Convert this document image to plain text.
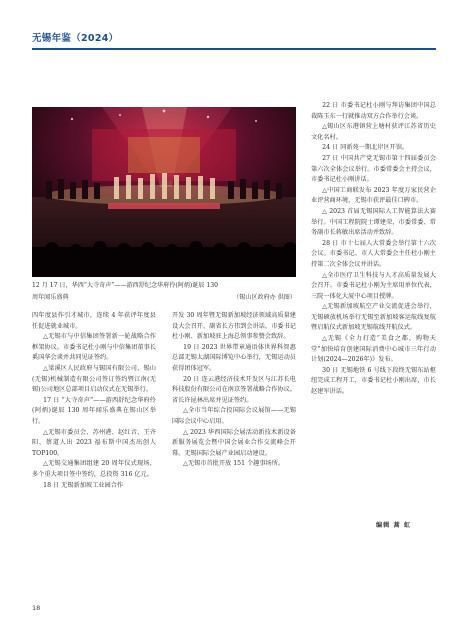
无锡年鉴（2024）
12 月 17 日，华西“大寺奇声”——游西舒纪念华府伶(阿炳)诞辰 130
周年闻乐盛典	（锡山区政府办 供图）

四年度县作引才城市，连续 4 年获评年度县任促进就业城市。

△无锡市与中信集团签署新一轮战略合作框架协议。市委书记杜小刚与中信集团董事长奚国华会谈并共同见证签约。

△梁溪区人民政府与锡国有限公司、锡山(无锡)机械制造有限公司签订签约暨江南(无锡)公司地区总部项目启动仪式在无锡举行。

17 日 “大寺奇声”——游西舒纪念华府伶(阿炳)诞辰 130 周年闻乐盛典在锡山区举行。

△无锡市委员会、苏州港、赵红音、王齐阳、蔡道人出 2023 福布斯中国杰出创人 TOP100。

△无锡交通集团组建 20 周年仪式现场，多个重大项目签中签约，总投资 316 亿元。

18 日 无锡新加坡工业园合作

开发 30 周年暨无锡新加坡经济领域高质量建设大会召开。副省长方伟到会讲话，市委书记杜小刚、新加坡驻上海总领事参赞会致辞。

19 日 2023 世界带章通语体世界科智惠总部无锡太湖国际博览中心举行，无锡运动员获得团体冠军。

20 日 连云港经济技术开发区与江苏长电科技股份有限公司在南京签署战略合作协议。省长许昆林出席并见证签约。

△全市当年综合投国际会议展馆——无锡国际会议中心启用。

△ 2023 华西国际会展活动新技术新设备新服务展览会暨中国会展业合作交流峰会开幕。无锡国际会展产业园启动建设。

△无锡市首批开放 151 个趣事场所。

22 日 市委书记杜小刚与拜访集团中国总裁陈玉东一行就推动双方合作举行会谈。

△锡山区东港镇营上塘村获评江苏省历史文化名村。

24 日 同新苑一期北岸区开馆。

27 日 中国共产党无锡市第十四届委员会第六次全体会议举行。市委常委会主持会议，市委书记杜小刚讲话。

△中国工商联发布 2023 年度万家民营企业评营商环境，无锡市获评最佳口碑市。

△ 2023 首届无锡国际人工智能算法大赛举行。中国工程院院士谭建荣，市委常委、常务副市长蒋敏出席活动并致辞。

28 日 市十七届人大常委会举行第十六次会议。市委书记、市人大常委会主任杜小刚主持第二次全体会议并讲话。

△全市医疗卫生科技与人才高质量发展大会召开。市委书记杜小刚为主席用单位代表，三院一体化大厦中心项目授牌。

△无锡新加坡航空产业交流促进会举行，无锡硕放机场举行无锡至新加坡客运航线复航暨启航仪式新加坡无锡航线开航仪式。

△无锡《全力打造“美食之都、购物天堂”加快培育创建国际消费中心城市三年行动计划(2024—2026年)》发布。

30 日 无锡地铁 6 号线下段终无锡东站枢纽完成工程开工，市委书记杜小刚出席，市长赵建军讲话。

编辑 蒿 虹
18
